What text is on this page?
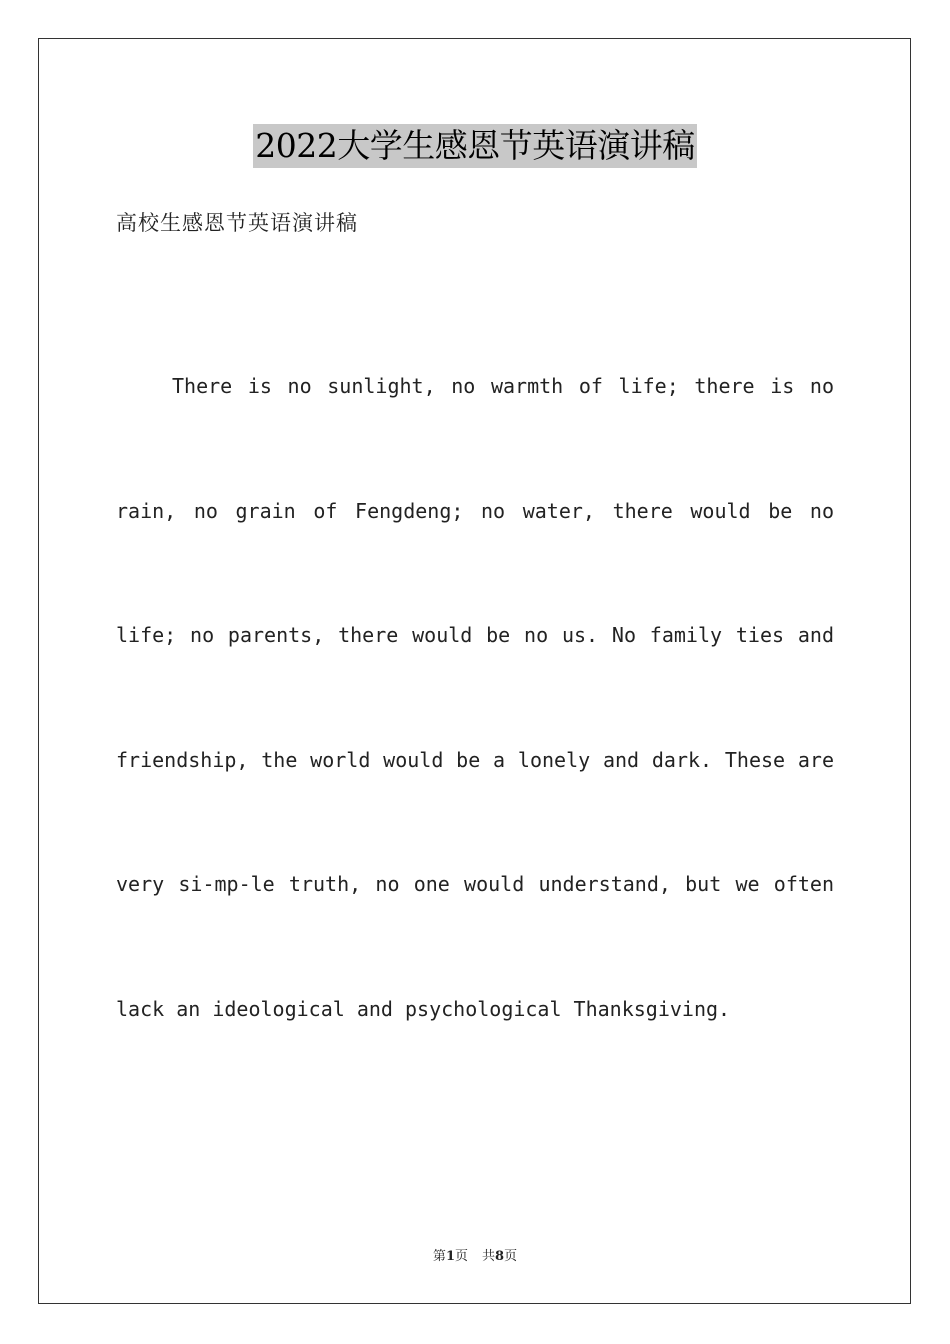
2022大学生感恩节英语演讲稿
高校生感恩节英语演讲稿
There is no sunlight, no warmth of life; there is no
rain, no grain of Fengdeng; no water, there would be no
life; no parents, there would be no us. No family ties and
friendship, the world would be a lonely and dark. These are
very si-mp-le truth, no one would understand, but we often
lack an ideological and psychological Thanksgiving.
第1页 共8页
